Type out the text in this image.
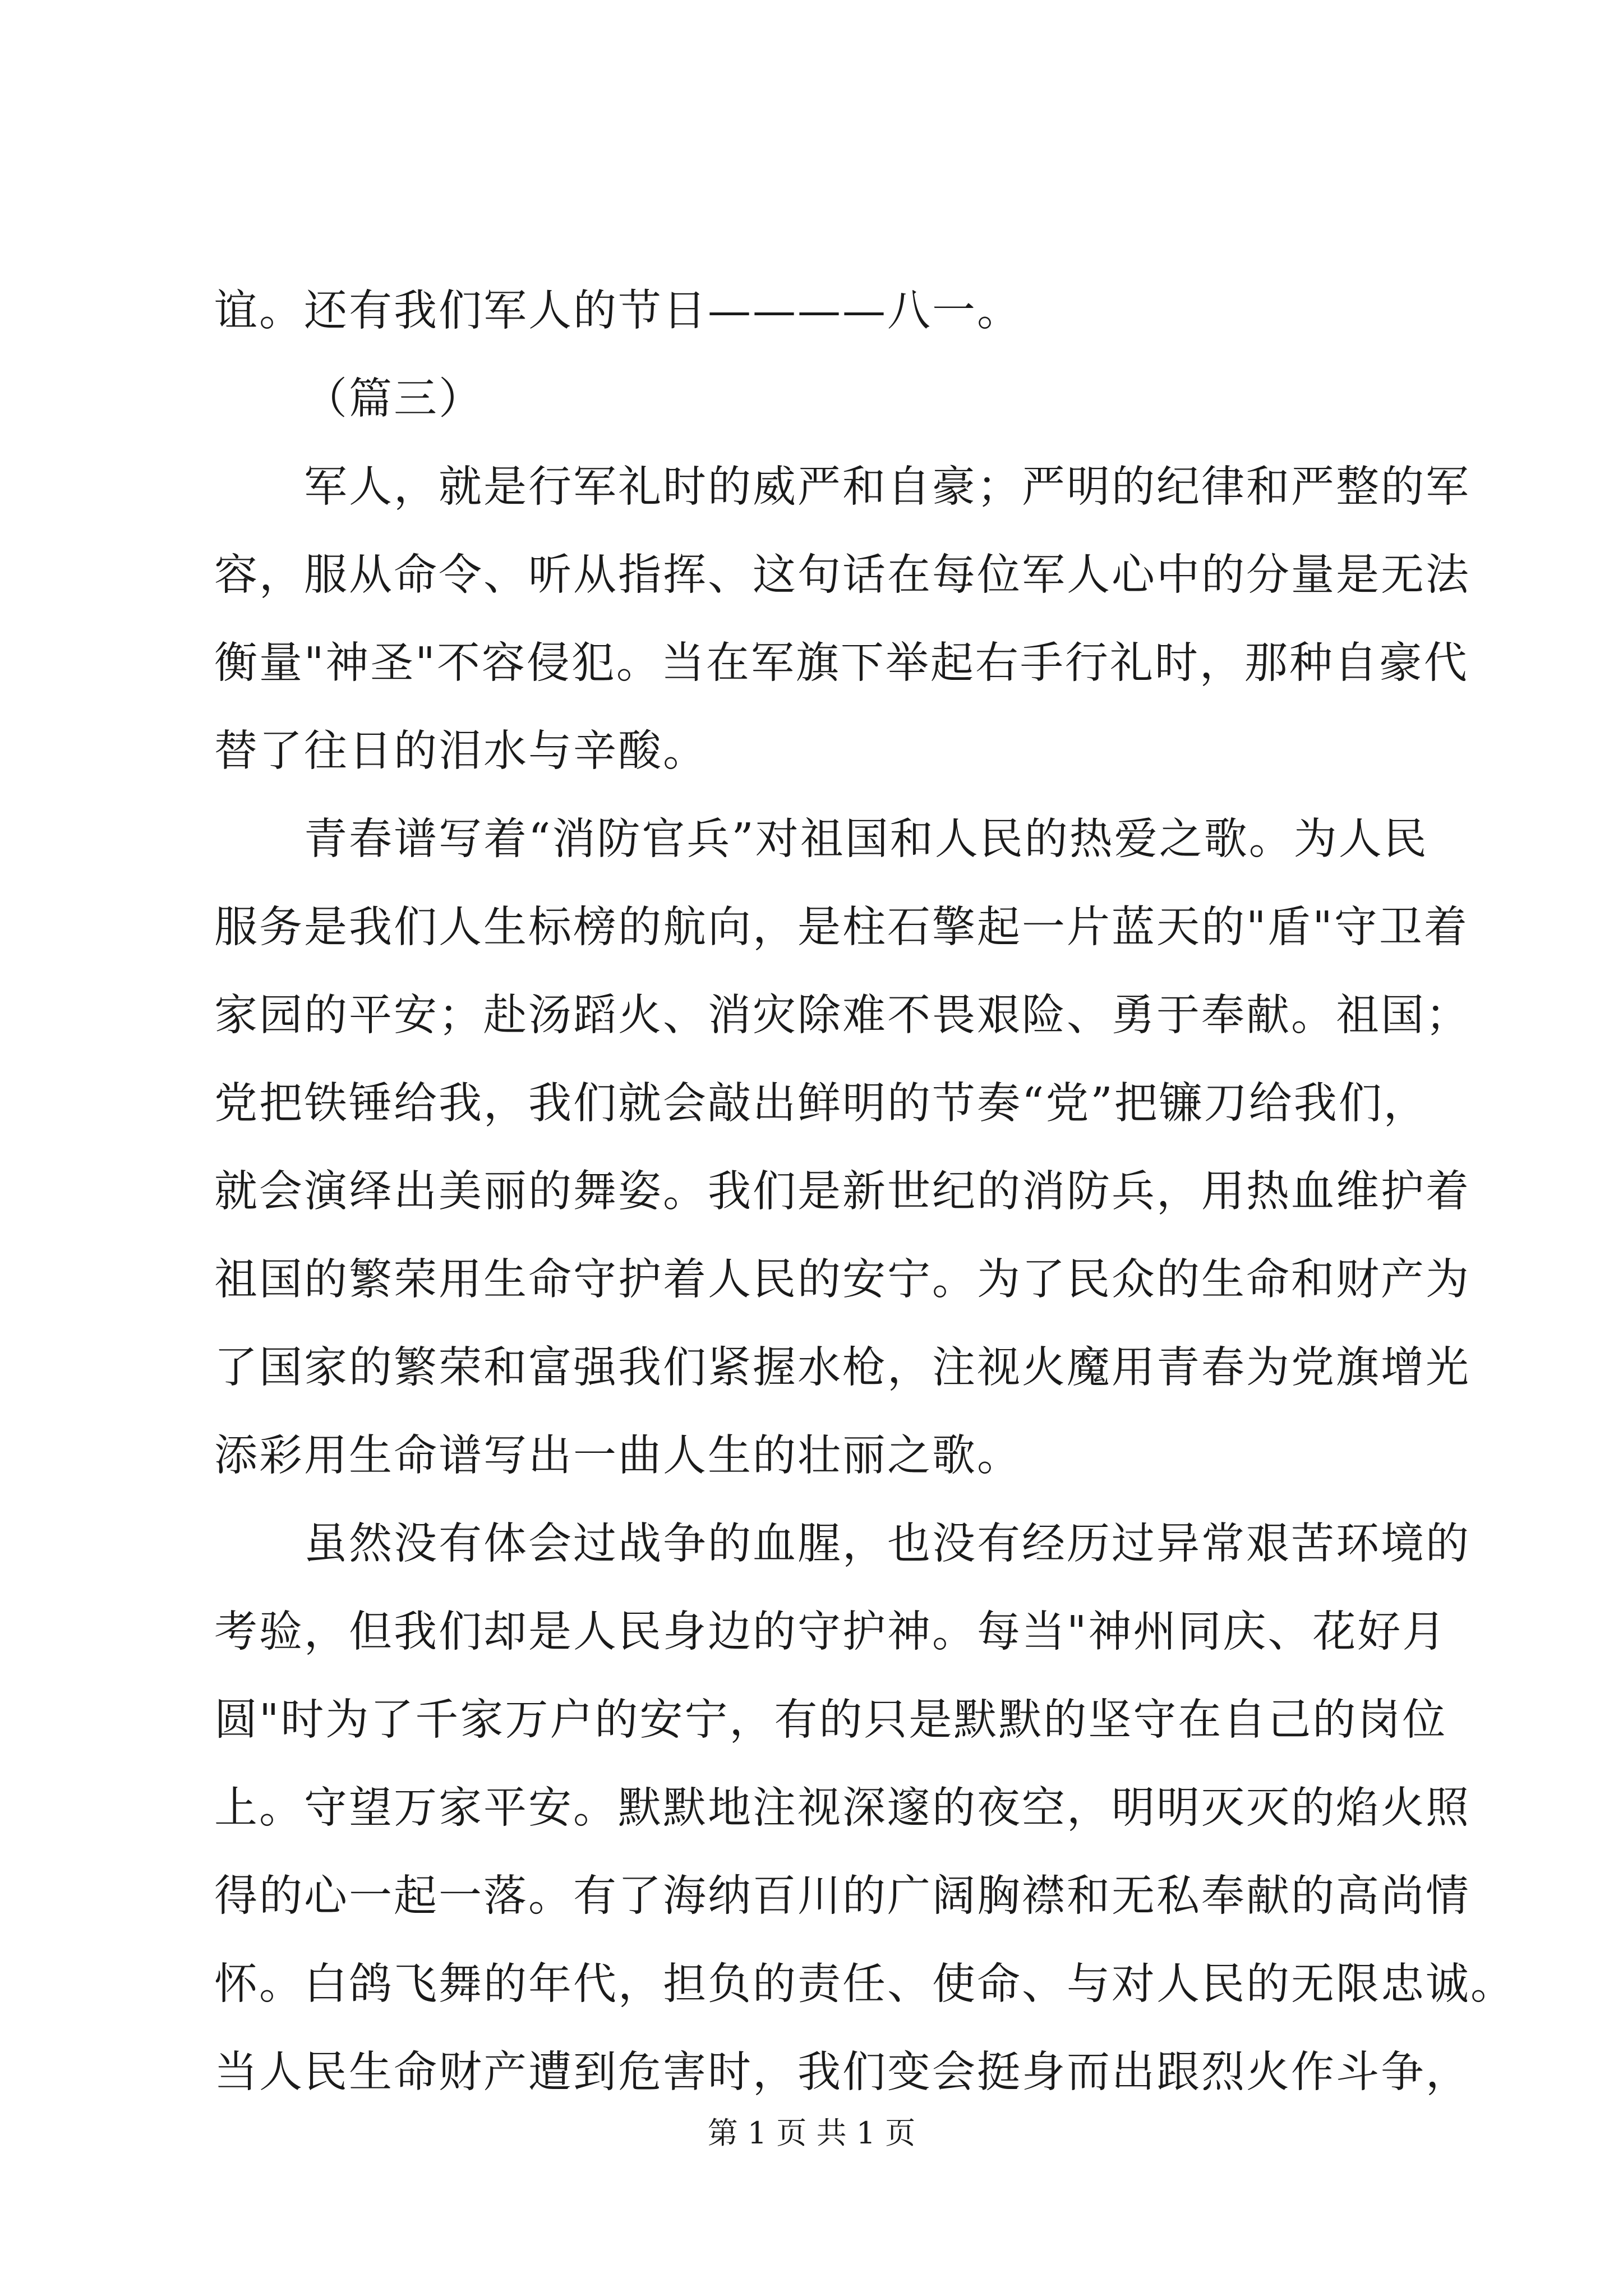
谊。还有我们军人的节日————八一。
（篇三）
军人，就是行军礼时的威严和自豪；严明的纪律和严整的军
容，服从命令、听从指挥、这句话在每位军人心中的分量是无法
衡量"神圣"不容侵犯。当在军旗下举起右手行礼时，那种自豪代
替了往日的泪水与辛酸。
青春谱写着“消防官兵”对祖国和人民的热爱之歌。为人民
服务是我们人生标榜的航向，是柱石擎起一片蓝天的"盾"守卫着
家园的平安；赴汤蹈火、消灾除难不畏艰险、勇于奉献。祖国；
党把铁锤给我，我们就会敲出鲜明的节奏“党”把镰刀给我们，
就会演绎出美丽的舞姿。我们是新世纪的消防兵，用热血维护着
祖国的繁荣用生命守护着人民的安宁。为了民众的生命和财产为
了国家的繁荣和富强我们紧握水枪，注视火魔用青春为党旗增光
添彩用生命谱写出一曲人生的壮丽之歌。
虽然没有体会过战争的血腥，也没有经历过异常艰苦环境的
考验，但我们却是人民身边的守护神。每当"神州同庆、花好月
圆"时为了千家万户的安宁，有的只是默默的坚守在自己的岗位
上。守望万家平安。默默地注视深邃的夜空，明明灭灭的焰火照
得的心一起一落。有了海纳百川的广阔胸襟和无私奉献的高尚情
怀。白鸽飞舞的年代，担负的责任、使命、与对人民的无限忠诚。
当人民生命财产遭到危害时，我们变会挺身而出跟烈火作斗争，
第 1 页 共 1 页
